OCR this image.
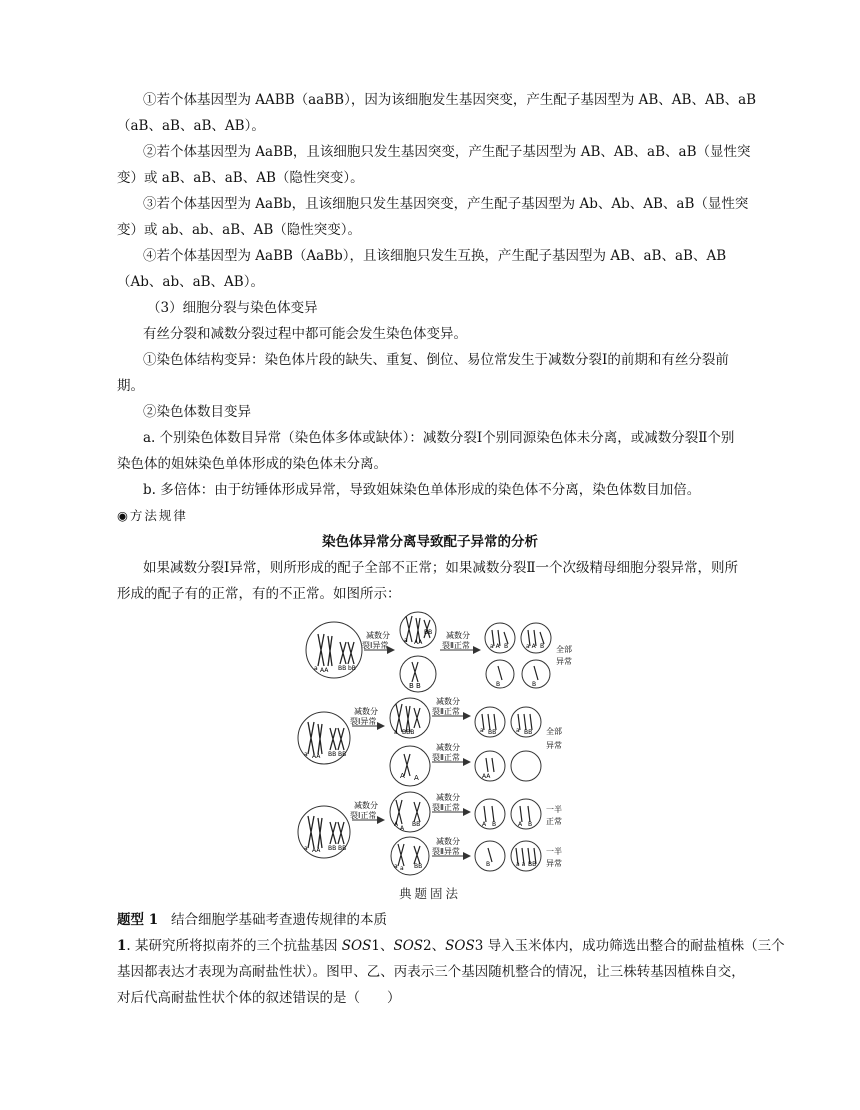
①若个体基因型为 AABB（aaBB），因为该细胞发生基因突变，产生配子基因型为 AB、AB、AB、aB
（aB、aB、aB、AB）。
②若个体基因型为 AaBB，且该细胞只发生基因突变，产生配子基因型为 AB、AB、aB、aB（显性突
变）或 aB、aB、aB、AB（隐性突变）。
③若个体基因型为 AaBb，且该细胞只发生基因突变，产生配子基因型为 Ab、Ab、AB、aB（显性突
变）或 ab、ab、aB、AB（隐性突变）。
④若个体基因型为 AaBB（AaBb），且该细胞只发生互换，产生配子基因型为 AB、aB、aB、AB
（Ab、ab、aB、AB）。
（3）细胞分裂与染色体变异
有丝分裂和减数分裂过程中都可能会发生染色体变异。
①染色体结构变异：染色体片段的缺失、重复、倒位、易位常发生于减数分裂Ⅰ的前期和有丝分裂前
期。
②染色体数目变异
a. 个别染色体数目异常（染色体多体或缺体）：减数分裂Ⅰ个别同源染色体未分离，或减数分裂Ⅱ个别
染色体的姐妹染色单体形成的染色体未分离。
b. 多倍体：由于纺锤体形成异常，导致姐妹染色单体形成的染色体不分离，染色体数目加倍。
◉方法规律
染色体异常分离导致配子异常的分析
如果减数分裂Ⅰ异常，则所形成的配子全部不正常；如果减数分裂Ⅱ一个次级精母细胞分裂异常，则所
形成的配子有的正常，有的不正常。如图所示：
a AA BB bB
减数分
裂Ⅰ异常
a AA
BB
B B
减数分
裂Ⅱ正常	a A B	a A B
B	B
全部
异常
a AA BB BB
减数分
裂Ⅰ异常
a BBB
A A
减数分
裂Ⅱ正常
减数分
裂Ⅱ正常
a BB	a BB
AA
全部
异常
a AA BB BB
减数分
裂Ⅰ正常
A
A
BB
a a BB
减数分
裂Ⅱ正常
减数分
裂Ⅱ异常
A B	A B
B	a a BB
一半
正常
一半
异常
典题固法
题型 1 结合细胞学基础考查遗传规律的本质
1. 某研究所将拟南芥的三个抗盐基因 SOS1、SOS2、SOS3 导入玉米体内，成功筛选出整合的耐盐植株（三个
基因都表达才表现为高耐盐性状）。图甲、乙、丙表示三个基因随机整合的情况，让三株转基因植株自交，
对后代高耐盐性状个体的叙述错误的是（　　）
